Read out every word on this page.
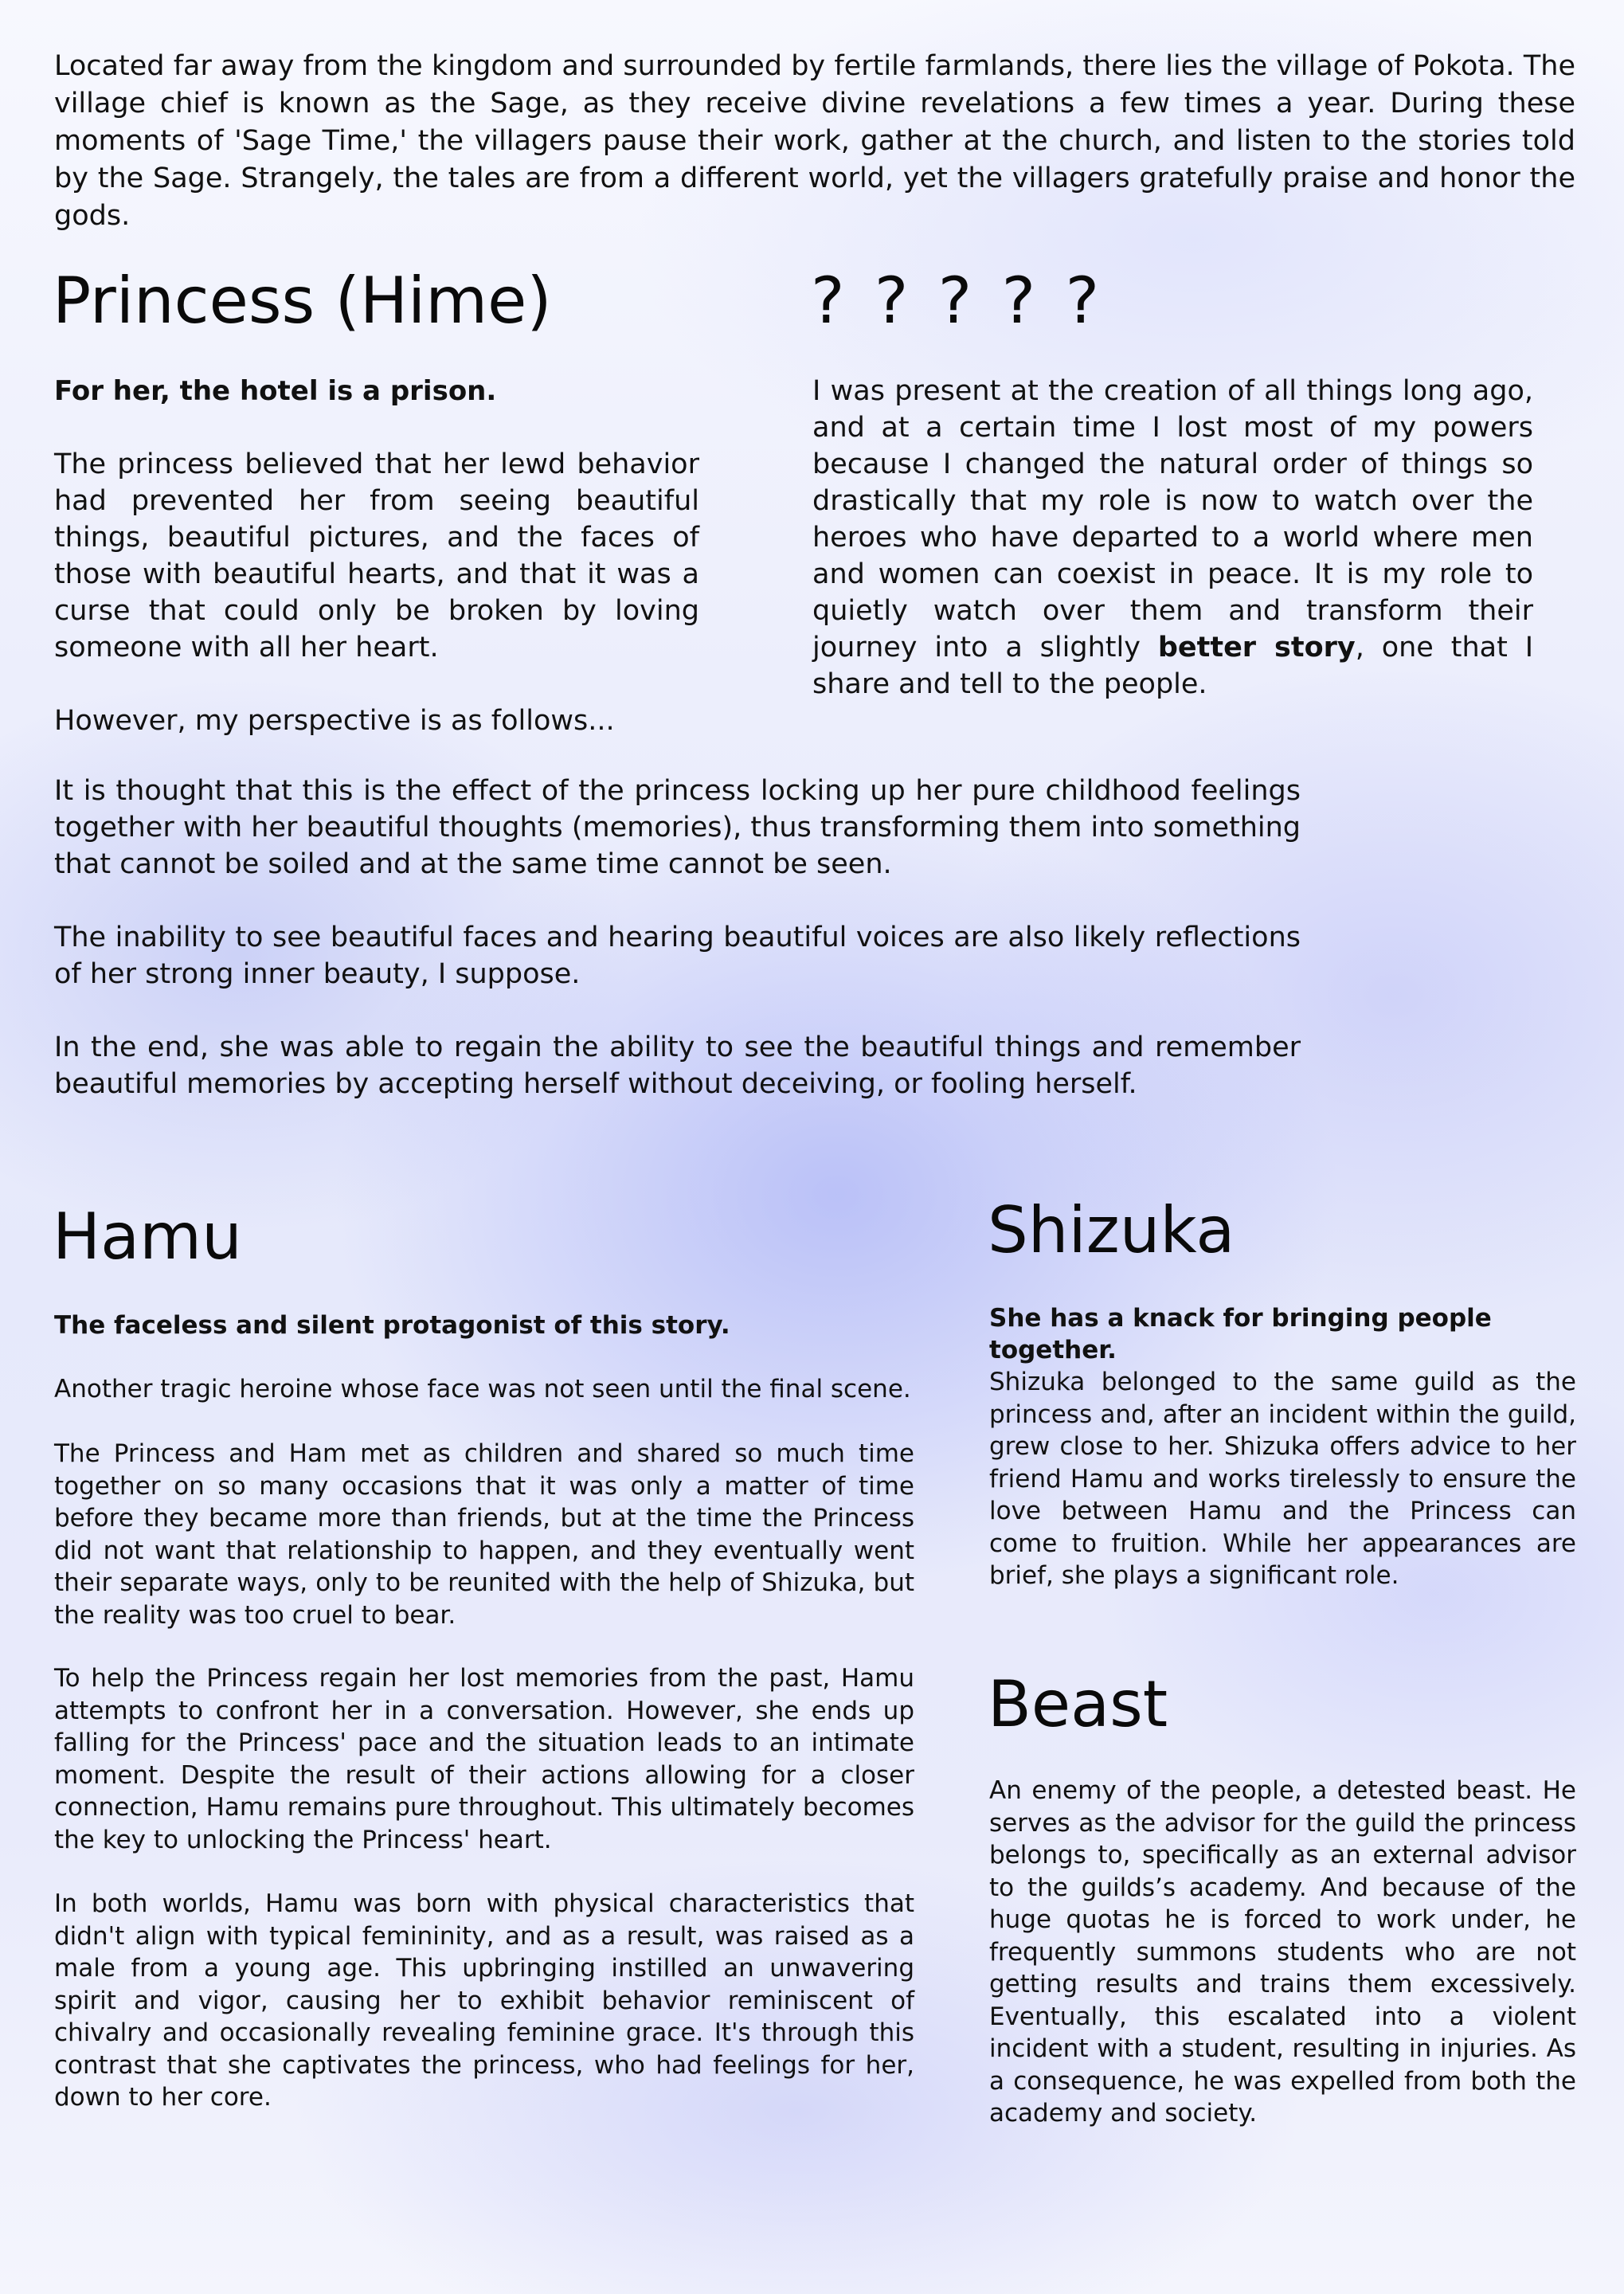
Located far away from the kingdom and surrounded by fertile farmlands, there lies the village of Pokota. The village chief is known as the Sage, as they receive divine revelations a few times a year. During these moments of 'Sage Time,' the villagers pause their work, gather at the church, and listen to the stories told by the Sage. Strangely, the tales are from a different world, yet the villagers gratefully praise and honor the gods.

Princess (Hime)

For her, the hotel is a prison.

The princess believed that her lewd behavior had prevented her from seeing beautiful things, beautiful pictures, and the faces of those with beautiful hearts, and that it was a curse that could only be broken by loving someone with all her heart.

However, my perspective is as follows...

It is thought that this is the effect of the princess locking up her pure childhood feelings together with her beautiful thoughts (memories), thus transforming them into something that cannot be soiled and at the same time cannot be seen.

The inability to see beautiful faces and hearing beautiful voices are also likely reflections of her strong inner beauty, I suppose.

In the end, she was able to regain the ability to see the beautiful things and remember beautiful memories by accepting herself without deceiving, or fooling herself.

? ? ? ? ?

I was present at the creation of all things long ago, and at a certain time I lost most of my powers because I changed the natural order of things so drastically that my role is now to watch over the heroes who have departed to a world where men and women can coexist in peace. It is my role to quietly watch over them and transform their journey into a slightly better story, one that I share and tell to the people.

Hamu

The faceless and silent protagonist of this story.

Another tragic heroine whose face was not seen until the final scene.

The Princess and Ham met as children and shared so much time together on so many occasions that it was only a matter of time before they became more than friends, but at the time the Princess did not want that relationship to happen, and they eventually went their separate ways, only to be reunited with the help of Shizuka, but the reality was too cruel to bear.

To help the Princess regain her lost memories from the past, Hamu attempts to confront her in a conversation. However, she ends up falling for the Princess' pace and the situation leads to an intimate moment. Despite the result of their actions allowing for a closer connection, Hamu remains pure throughout. This ultimately becomes the key to unlocking the Princess' heart.

In both worlds, Hamu was born with physical characteristics that didn't align with typical femininity, and as a result, was raised as a male from a young age. This upbringing instilled an unwavering spirit and vigor, causing her to exhibit behavior reminiscent of chivalry and occasionally revealing feminine grace. It's through this contrast that she captivates the princess, who had feelings for her, down to her core.

Shizuka

She has a knack for bringing people together.

Shizuka belonged to the same guild as the princess and, after an incident within the guild, grew close to her. Shizuka offers advice to her friend Hamu and works tirelessly to ensure the love between Hamu and the Princess can come to fruition. While her appearances are brief, she plays a significant role.

Beast

An enemy of the people, a detested beast. He serves as the advisor for the guild the princess belongs to, specifically as an external advisor to the guilds’s academy. And because of the huge quotas he is forced to work under, he frequently summons students who are not getting results and trains them excessively. Eventually, this escalated into a violent incident with a student, resulting in injuries. As a consequence, he was expelled from both the academy and society.
